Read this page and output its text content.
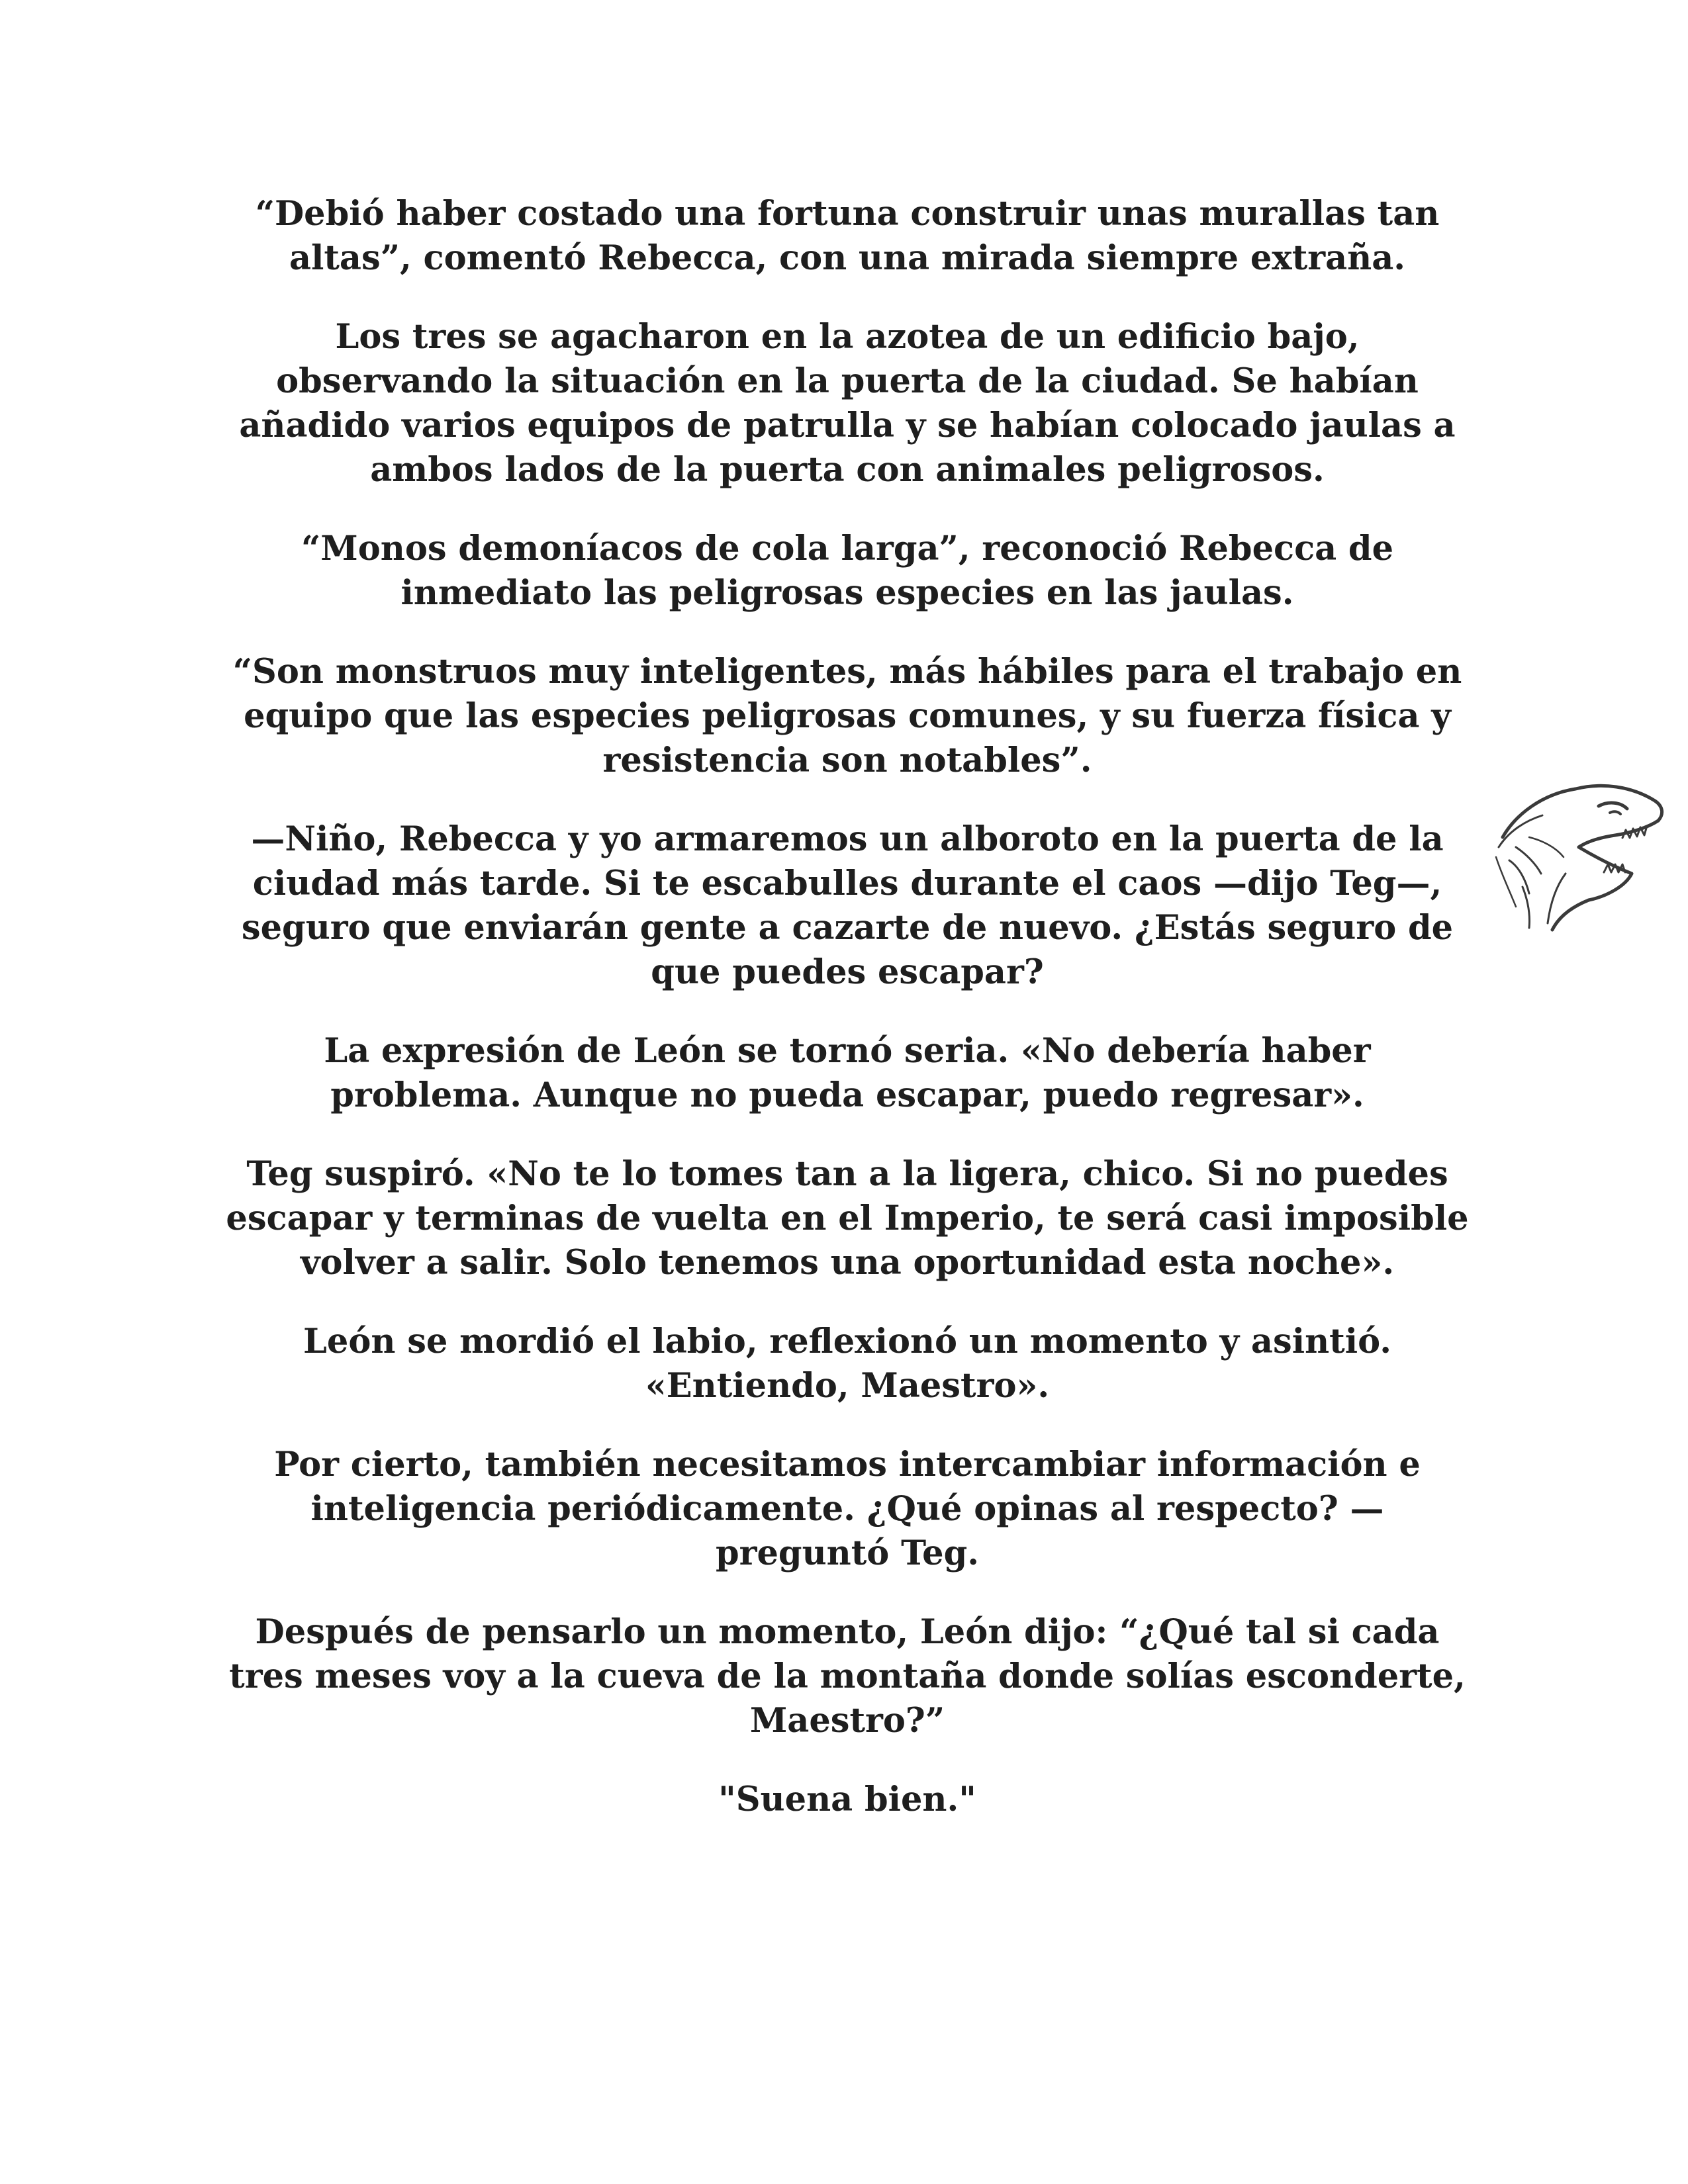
“Debió haber costado una fortuna construir unas murallas tan altas”, comentó Rebecca, con una mirada siempre extraña.

Los tres se agacharon en la azotea de un edificio bajo, observando la situación en la puerta de la ciudad. Se habían añadido varios equipos de patrulla y se habían colocado jaulas a ambos lados de la puerta con animales peligrosos.

“Monos demoníacos de cola larga”, reconoció Rebecca de inmediato las peligrosas especies en las jaulas.

“Son monstruos muy inteligentes, más hábiles para el trabajo en equipo que las especies peligrosas comunes, y su fuerza física y resistencia son notables”.

—Niño, Rebecca y yo armaremos un alboroto en la puerta de la ciudad más tarde. Si te escabulles durante el caos —dijo Teg—, seguro que enviarán gente a cazarte de nuevo. ¿Estás seguro de que puedes escapar?

La expresión de León se tornó seria. «No debería haber problema. Aunque no pueda escapar, puedo regresar».

Teg suspiró. «No te lo tomes tan a la ligera, chico. Si no puedes escapar y terminas de vuelta en el Imperio, te será casi imposible volver a salir. Solo tenemos una oportunidad esta noche».

León se mordió el labio, reflexionó un momento y asintió. «Entiendo, Maestro».

Por cierto, también necesitamos intercambiar información e inteligencia periódicamente. ¿Qué opinas al respecto? —preguntó Teg.

Después de pensarlo un momento, León dijo: “¿Qué tal si cada tres meses voy a la cueva de la montaña donde solías esconderte, Maestro?”

"Suena bien."
